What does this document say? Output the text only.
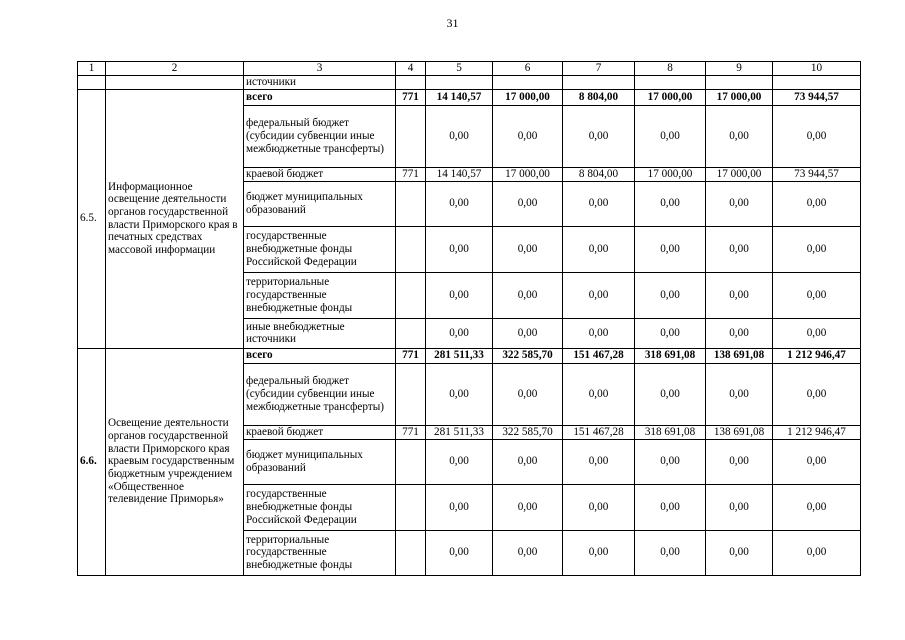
31
1	2	3	4	5	6	7	8	9	10
		источники							
6.5.	Информационное освещение деятельности органов государственной власти Приморского края в печатных средствах массовой информации	всего	771	14 140,57	17 000,00	8 804,00	17 000,00	17 000,00	73 944,57
		федеральный бюджет (субсидии субвенции иные межбюджетные трансферты)		0,00	0,00	0,00	0,00	0,00	0,00
		краевой бюджет	771	14 140,57	17 000,00	8 804,00	17 000,00	17 000,00	73 944,57
		бюджет муниципальных образований		0,00	0,00	0,00	0,00	0,00	0,00
		государственные внебюджетные фонды Российской Федерации		0,00	0,00	0,00	0,00	0,00	0,00
		территориальные государственные внебюджетные фонды		0,00	0,00	0,00	0,00	0,00	0,00
		иные внебюджетные источники		0,00	0,00	0,00	0,00	0,00	0,00
6.6.	Освещение деятельности органов государственной власти Приморского края краевым государственным бюджетным учреждением «Общественное телевидение Приморья»	всего	771	281 511,33	322 585,70	151 467,28	318 691,08	138 691,08	1 212 946,47
		федеральный бюджет (субсидии субвенции иные межбюджетные трансферты)		0,00	0,00	0,00	0,00	0,00	0,00
		краевой бюджет	771	281 511,33	322 585,70	151 467,28	318 691,08	138 691,08	1 212 946,47
		бюджет муниципальных образований		0,00	0,00	0,00	0,00	0,00	0,00
		государственные внебюджетные фонды Российской Федерации		0,00	0,00	0,00	0,00	0,00	0,00
		территориальные государственные внебюджетные фонды		0,00	0,00	0,00	0,00	0,00	0,00
